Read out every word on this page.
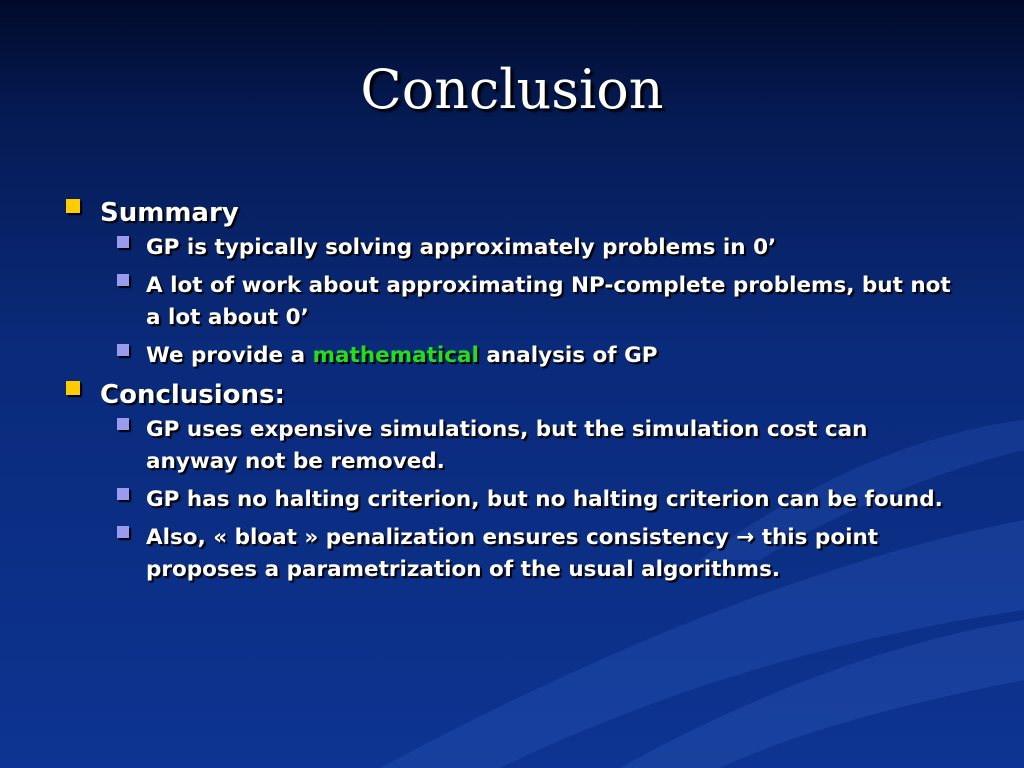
Conclusion
Summary
GP is typically solving approximately problems in 0’
A lot of work about approximating NP-complete problems, but not a lot about 0’
We provide a mathematical analysis of GP
Conclusions:
GP uses expensive simulations, but the simulation cost can anyway not be removed.
GP has no halting criterion, but no halting criterion can be found.
Also, « bloat » penalization ensures consistency → this point proposes a parametrization of the usual algorithms.
